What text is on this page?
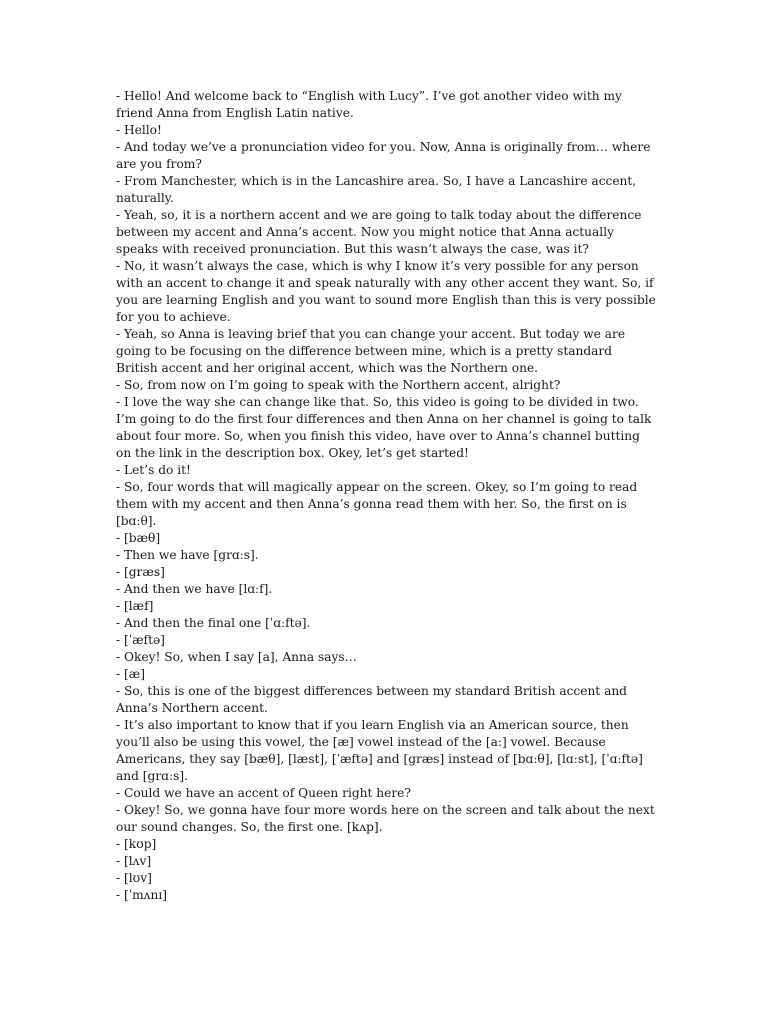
- Hello! And welcome back to “English with Lucy”. I’ve got another video with my friend Anna from English Latin native.
- Hello!
- And today we’ve a pronunciation video for you. Now, Anna is originally from… where are you from?
- From Manchester, which is in the Lancashire area. So, I have a Lancashire accent, naturally.
- Yeah, so, it is a northern accent and we are going to talk today about the difference between my accent and Anna’s accent. Now you might notice that Anna actually speaks with received pronunciation. But this wasn’t always the case, was it?
- No, it wasn’t always the case, which is why I know it’s very possible for any person with an accent to change it and speak naturally with any other accent they want. So, if you are learning English and you want to sound more English than this is very possible for you to achieve.
- Yeah, so Anna is leaving brief that you can change your accent. But today we are going to be focusing on the difference between mine, which is a pretty standard British accent and her original accent, which was the Northern one.
- So, from now on I’m going to speak with the Northern accent, alright?
- I love the way she can change like that. So, this video is going to be divided in two. I’m going to do the first four differences and then Anna on her channel is going to talk about four more. So, when you finish this video, have over to Anna’s channel butting on the link in the description box. Okey, let’s get started!
- Let’s do it!
- So, four words that will magically appear on the screen. Okey, so I’m going to read them with my accent and then Anna’s gonna read them with her. So, the first on is [bɑːθ].
- [bæθ]
- Then we have [grɑːs].
- [græs]
- And then we have [lɑːf].
- [læf]
- And then the final one [ˈɑːftə].
- [ˈæftə]
- Okey! So, when I say [a], Anna says…
- [æ]
- So, this is one of the biggest differences between my standard British accent and Anna’s Northern accent.
- It’s also important to know that if you learn English via an American source, then you’ll also be using this vowel, the [æ] vowel instead of the [a:] vowel. Because Americans, they say [bæθ], [læst], [ˈæftə] and [græs] instead of [bɑːθ], [lɑːst], [ˈɑːftə] and [grɑːs].
- Could we have an accent of Queen right here?
- Okey! So, we gonna have four more words here on the screen and talk about the next our sound changes. So, the first one. [kʌp].
- [kʊp]
- [lʌv]
- [lʊv]
- [ˈmʌnɪ]
